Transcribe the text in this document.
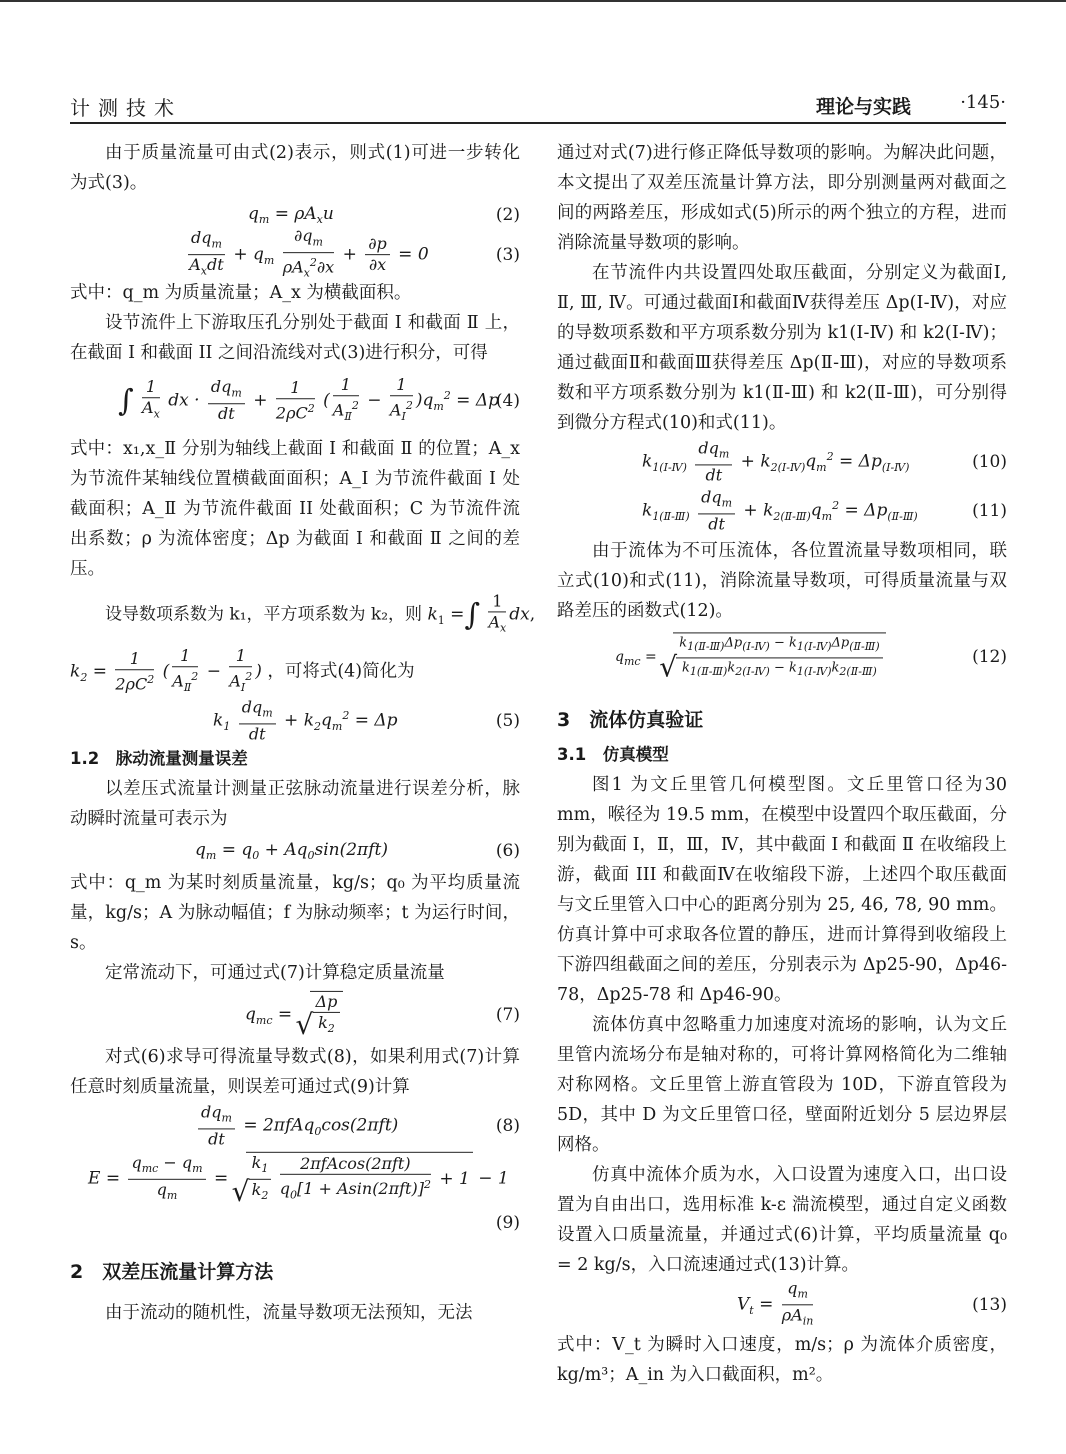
计测技术	理论与实践	·145·

由于质量流量可由式(2)表示，则式(1)可进一步转化为式(3)。

$q_m = \rho A_xu$	(2)
$\frac{dq_m}{A_xdt} + q_m \frac{\partial q_m}{\rho A_x^2\partial x} + \frac{\partial p}{\partial x} = 0$	(3)

式中：q_m 为质量流量；A_x 为横截面积。

设节流件上下游取压孔分别处于截面 Ⅰ 和截面 Ⅱ 上，在截面 I 和截面 II 之间沿流线对式(3)进行积分，可得

∫ $\frac{1}{A_x}$ dx · $\frac{dq_m}{dt} + \frac{1}{2\rho C^2}$ ( $\frac{1}{A_Ⅱ^2} - \frac{1}{A_Ⅰ^2} )q_m^2 = \Delta p$
(4)

式中：x₁,x_Ⅱ 分别为轴线上截面 I 和截面 Ⅱ 的位置；A_x 为节流件某轴线位置横截面面积；A_Ⅰ 为节流件截面 Ⅰ 处截面积；A_Ⅱ 为节流件截面 II 处截面积；C 为节流件流出系数；ρ 为流体密度；Δp 为截面 Ⅰ 和截面 Ⅱ 之间的差压。

设导数项系数为 k₁，平方项系数为 k₂，则 $k_1$ =∫ $\frac{1}{A_x}$ dx,
$k_2 = \frac{1}{2\rho C^2}$ ( $\frac{1}{A_Ⅱ^2} - \frac{1}{A_Ⅰ^2}$ ) ，可将式(4)简化为
$k_1 \frac{dq_m}{dt} + k_2q_m^2 = \Delta p$	(5)
1.2　脉动流量测量误差

以差压式流量计测量正弦脉动流量进行误差分析，脉动瞬时流量可表示为

$q_m = q_0 + Aq_0\sin(2\pi ft)$	(6)

式中：q_m 为某时刻质量流量，kg/s；q₀ 为平均质量流量，kg/s；A 为脉动幅值；f 为脉动频率；t 为运行时间，s。

定常流动下，可通过式(7)计算稳定质量流量

$q_{mc}$ = √ $\frac{\Delta p}{k_2}$	(7)

对式(6)求导可得流量导数式(8)，如果利用式(7)计算任意时刻质量流量，则误差可通过式(9)计算

$\frac{dq_m}{dt} = 2\pi fAq_0\cos(2\pi ft)$	(8)
$E = \frac{q_{mc} - q_m}{q_m}$ = √ $\frac{k_1}{k_2}$
$\frac{\text{2πfAcos(2πft)}}{q_0[1 + Asin(2\pi ft)]^2} + 1 - 1$
(9)
2　双差压流量计算方法

由于流动的随机性，流量导数项无法预知，无法

通过对式(7)进行修正降低导数项的影响。为解决此问题，本文提出了双差压流量计算方法，即分别测量两对截面之间的两路差压，形成如式(5)所示的两个独立的方程，进而消除流量导数项的影响。

在节流件内共设置四处取压截面，分别定义为截面Ⅰ, Ⅱ, Ⅲ, Ⅳ。可通过截面Ⅰ和截面Ⅳ获得差压 Δp(Ⅰ-Ⅳ)，对应的导数项系数和平方项系数分别为 k1(Ⅰ-Ⅳ) 和 k2(Ⅰ-Ⅳ)；通过截面Ⅱ和截面Ⅲ获得差压 Δp(Ⅱ-Ⅲ)，对应的导数项系数和平方项系数分别为 k1(Ⅱ-Ⅲ) 和 k2(Ⅱ-Ⅲ)，可分别得到微分方程式(10)和式(11)。

$k_{1(Ⅰ-Ⅳ)} \frac{dq_m}{dt} + k_{2(Ⅰ-Ⅳ)}q_m^2 = \Delta p_{(Ⅰ-Ⅳ)}$	(10)
$k_{1(Ⅱ-Ⅲ)} \frac{dq_m}{dt} + k_{2(Ⅱ-Ⅲ)}q_m^2 = \Delta p_{(Ⅱ-Ⅲ)}$	(11)

由于流体为不可压流体，各位置流量导数项相同，联立式(10)和式(11)，消除流量导数项，可得质量流量与双路差压的函数式(12)。

$q_{mc}$ = √ $\frac{k_{1(Ⅱ-Ⅲ)}\Delta p_{(Ⅰ-Ⅳ)} - k_{1(Ⅰ-Ⅳ)}\Delta p_{(Ⅱ-Ⅲ)}}{k_{1(Ⅱ-Ⅲ)}k_{2(Ⅰ-Ⅳ)} - k_{1(Ⅰ-Ⅳ)}k_{2(Ⅱ-Ⅲ)}}$	(12)
3　流体仿真验证
3.1　仿真模型

图1 为文丘里管几何模型图。文丘里管口径为30 mm，喉径为 19.5 mm，在模型中设置四个取压截面，分别为截面 Ⅰ，Ⅱ，Ⅲ，Ⅳ，其中截面 Ⅰ 和截面 Ⅱ 在收缩段上游，截面 III 和截面Ⅳ在收缩段下游，上述四个取压截面与文丘里管入口中心的距离分别为 25, 46, 78, 90 mm。仿真计算中可求取各位置的静压，进而计算得到收缩段上下游四组截面之间的差压，分别表示为 Δp25-90，Δp46-78，Δp25-78 和 Δp46-90。

流体仿真中忽略重力加速度对流场的影响，认为文丘里管内流场分布是轴对称的，可将计算网格简化为二维轴对称网格。文丘里管上游直管段为 10D，下游直管段为 5D，其中 D 为文丘里管口径，壁面附近划分 5 层边界层网格。

仿真中流体介质为水，入口设置为速度入口，出口设置为自由出口，选用标准 k-ε 湍流模型，通过自定义函数设置入口质量流量，并通过式(6)计算，平均质量流量 q₀ = 2 kg/s，入口流速通过式(13)计算。

$V_t = \frac{q_m}{\rho A_{in}}$	(13)

式中：V_t 为瞬时入口速度，m/s；ρ 为流体介质密度，kg/m³；A_in 为入口截面积，m²。
